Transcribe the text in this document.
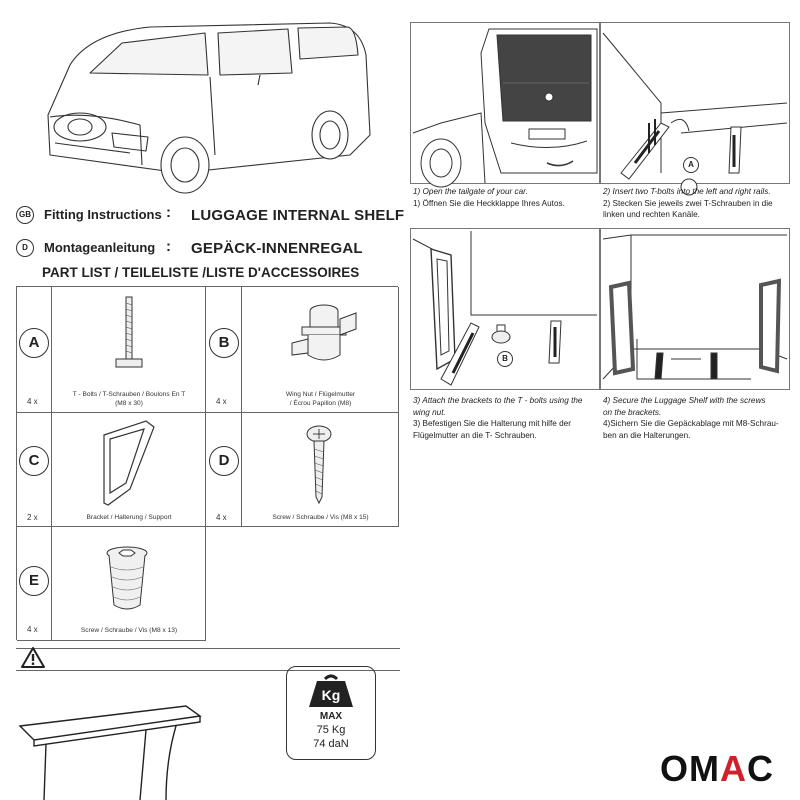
GB Fitting Instructions : LUGGAGE INTERNAL SHELF
D	Montageanleitung : GEPÄCK-INNENREGAL
PART LIST / TEILELISTE /LISTE D'ACCESSOIRES
A
4 x
T - Bolts / T-Schrauben / Boulons En T
(M8 x 30)
B
4 x
Wing Nut / Flügelmutter
/ Écrou Papillon (M8)
C
2 x	Bracket / Halterung / Support
D
4 x	Screw / Schraube / Vis (M8 x 15)
E
4 x	Screw / Schraube / Vis (M8 x 13)
Kg
MAX
75 Kg
74 daN
A
1) Open the tailgate of your car.
1) Öffnen Sie die Heckklappe Ihres Autos.
2) Insert two T-bolts into the left and right rails.
2) Stecken Sie jeweils zwei T-Schrauben in die
linken und rechten Kanäle.
B
3) Attach the brackets to the T - bolts using the
wing nut.
3) Befestigen Sie die Halterung mit hilfe der
Flügelmutter an die T- Schrauben.
4) Secure the Luggage Shelf with the screws
on the brackets.
4)Sichern Sie die Gepäckablage mit M8-Schrau-
ben an die Halterungen.
OMAC
